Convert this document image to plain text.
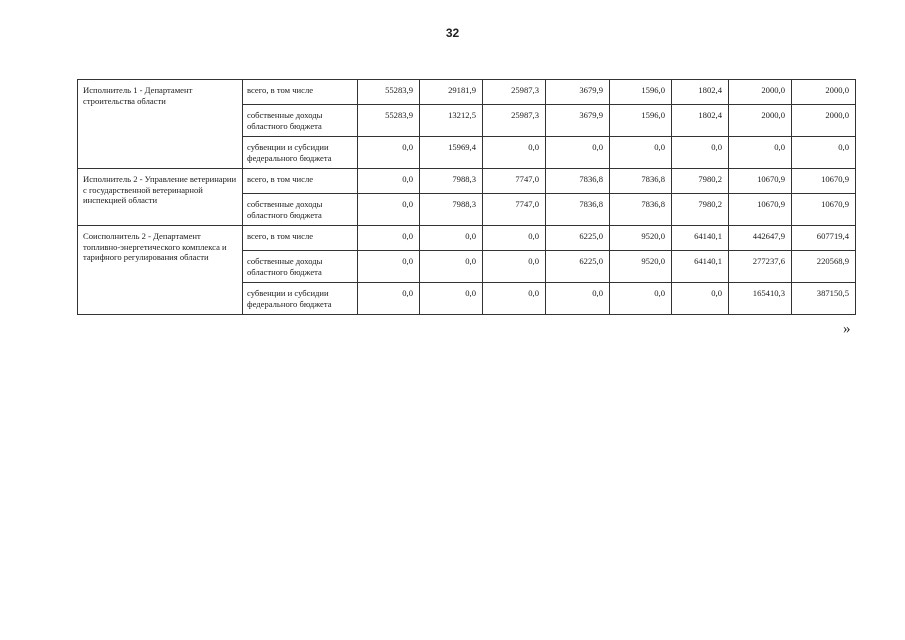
32
Исполнитель 1 - Департамент строительства области	всего, в том числе	55283,9	29181,9	25987,3	3679,9	1596,0	1802,4	2000,0	2000,0
	собственные доходы областного бюджета	55283,9	13212,5	25987,3	3679,9	1596,0	1802,4	2000,0	2000,0
	субвенции и субсидии федерального бюджета	0,0	15969,4	0,0	0,0	0,0	0,0	0,0	0,0
Исполнитель 2 - Управление ветеринарии с государственной ветеринарной инспекцией области	всего, в том числе	0,0	7988,3	7747,0	7836,8	7836,8	7980,2	10670,9	10670,9
	собственные доходы областного бюджета	0,0	7988,3	7747,0	7836,8	7836,8	7980,2	10670,9	10670,9
Соисполнитель 2 - Департамент топливно-энергетического комплекса и тарифного регулирования области	всего, в том числе	0,0	0,0	0,0	6225,0	9520,0	64140,1	442647,9	607719,4
	собственные доходы областного бюджета	0,0	0,0	0,0	6225,0	9520,0	64140,1	277237,6	220568,9
	субвенции и субсидии федерального бюджета	0,0	0,0	0,0	0,0	0,0	0,0	165410,3	387150,5
»
